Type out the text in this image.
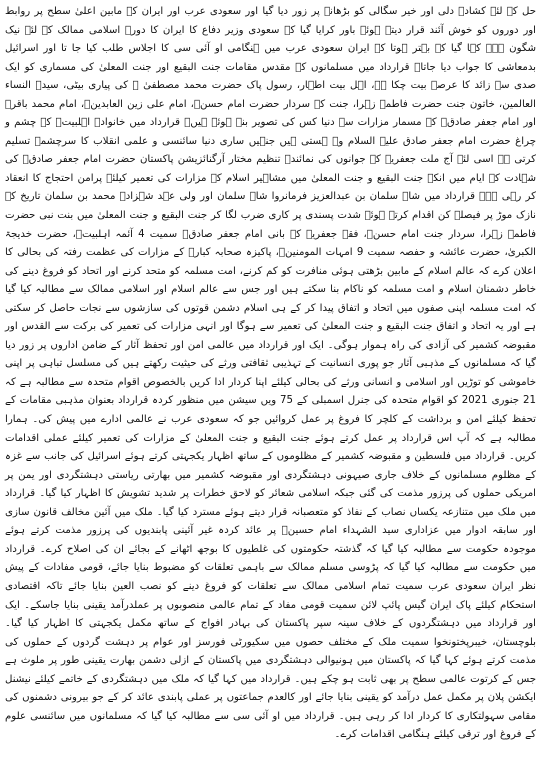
حل کے لئے کشادہ دلی اور خیر سگالی کو بڑھانے پر زور دیا گیا اور سعودی عرب اور ایران کے مابین اعلیٰ سطح پر روابط اور دوروں کو خوش آئند قرار دیتے ہوئے باور کرایا گیا کہ سعودی وزیر دفاع کا ایران کا دورہ اسلامی ممالک کے لئے نیک شگون ہے۔ کہا گیا کہ بہتر ہوتا کہ ایران سعودی عرب میں ہنگامی او آئی سی کا اجلاس طلب کیا جا تا اور اسرائیل بدمعاشی کا جواب دیا جاتا۔ قرارداد میں مسلمانوں کے مقدس مقامات جنت البقیع اور جنت المعلیٰ کی مسماری کو ایک صدی سے زائد کا عرصہ بیت چکا ہے، اہل بیت اطہار، رسول پاک حضرت محمد مصطفیٰ ﷺ کی پیاری بیٹی، سیدۃ النساء العالمین، خاتون جنت حضرت فاطمہ زہرا، جنت کے سردار حضرت امام حسنؑ، امام علی زین العابدینؑ، امام محمد باقرؑ اور امام جعفر صادقؑ کے مسمار مزارات سے دنیا کس کی تصویر بنے ہوئے ہیں۔ قرارداد میں خانوادہ اہلبیتؑ کے چشم و چراغ حضرت امام جعفر صادق علیہ السلام وہ ہستی ہیں جنہیں ساری دنیا سائنسی و علمی انقلاب کا سرچشمہ تسلیم کرتی ہے اسی لئے آج ملت جعفریہ کے جوانوں کی نمائندہ تنظیم مختار آرگنائزیشن پاکستان حضرت امام جعفر صادقؑ کی شہادت کے ایام میں انکے جنت البقیع و جنت المعلیٰ میں مشاہیر اسلام کے مزارات کی تعمیر کیلئے پرامن احتجاج کا انعقاد کر رہی ہے۔ قرارداد میں شاہ سلمان بن عبدالعزیز فرمانروا شاہ سلمان اور ولی عہد شہزادہ محمد بن سلمان تاریخ کے نازک موڑ پر فیصلہ کن اقدام کرتے ہوئے شدت پسندی پر کاری ضرب لگا کر جنت البقیع و جنت المعلیٰ میں بنت نبی حضرت فاطمہ زہرا، سردار جنت امام حسنؑ، فقہ جعفریہ کے بانی امام جعفر صادقؑ سمیت 4 آئمہ اہلبیتؑ، حضرت خدیجۃ الکبریٰ، حضرت عائشہ و حفصہ سمیت 9 امہات المومنینؓ، پاکیزہ صحابہ کبارؓ کے مزارات کی عظمت رفتہ کی بحالی کا اعلان کرے کہ عالم اسلام کے مابین بڑھتی ہوئی منافرت کو کم کرنے، امت مسلمہ کو متحد کرنے اور اتحاد کو فروغ دینے کی خاطر دشمنان اسلام و امت مسلمہ کو ناکام بنا سکتے ہیں اور جس سے عالم اسلام اور اسلامی ممالک سے مطالبہ کیا گیا کہ امت مسلمہ اپنی صفوں میں اتحاد و اتفاق پیدا کر کے ہی اسلام دشمن قوتوں کی سازشوں سے نجات حاصل کر سکتی ہے اور یہ اتحاد و اتفاق جنت البقیع و جنت المعلیٰ کی تعمیر سے ہوگا اور انہی مزارات کی تعمیر کی برکت سے القدس اور مقبوضہ کشمیر کی آزادی کی راہ ہموار ہوگی۔ ایک اور قرارداد میں عالمی امن اور تحفظ آثار کے ضامن اداروں پر زور دیا گیا کہ مسلمانوں کے مذہبی آثار جو پوری انسانیت کے تہذیبی ثقافتی ورثے کی حیثیت رکھتے ہیں کی مسلسل تباہی پر اپنی خاموشی کو توڑیں اور اسلامی و انسانی ورثے کی بحالی کیلئے اپنا کردار ادا کریں بالخصوص اقوام متحدہ سے مطالبہ ہے کہ 21 جنوری 2021 کو اقوام متحدہ کی جنرل اسمبلی کے 75 ویں سیشن میں منظور کردہ قرارداد بعنوان مذہبی مقامات کے تحفظ کیلئے امن و برداشت کے کلچر کا فروغ پر عمل کروائیں جو کہ سعودی عرب نے عالمی ادارے میں پیش کی۔ ہمارا مطالبہ ہے کہ آپ اس قرارداد پر عمل کرتے ہوئے جنت البقیع و جنت المعلیٰ کے مزارات کی تعمیر کیلئے عملی اقدامات کریں۔ قرارداد میں فلسطین و مقبوضہ کشمیر کے مظلوموں کے ساتھ اظہار یکجہتی کرتے ہوئے اسرائیل کی جانب سے غزہ کے مظلوم مسلمانوں کے خلاف جاری صیہونی دہشتگردی اور مقبوضہ کشمیر میں بھارتی ریاستی دہشتگردی اور یمن پر امریکی حملوں کی پرزور مذمت کی گئی جبکہ اسلامی شعائر کو لاحق خطرات پر شدید تشویش کا اظہار کیا گیا۔ قرارداد میں ملک میں متنازعہ یکساں نصاب کے نفاذ کو متعصبانہ قرار دیتے ہوئے مسترد کیا گیا۔ ملک میں آئین مخالف قانون سازی اور سابقہ ادوار میں عزاداری سید الشہداء امام حسینؑ پر عائد کردہ غیر آئینی پابندیوں کی پرزور مذمت کرتے ہوئے موجودہ حکومت سے مطالبہ کیا گیا کہ گذشتہ حکومتوں کی غلطیوں کا بوجھ اٹھانے کے بجائے ان کی اصلاح کرے۔ قرارداد میں حکومت سے مطالبہ کیا گیا کہ پڑوسی مسلم ممالک سے باہمی تعلقات کو مضبوط بنایا جائے، قومی مفادات کے پیش نظر ایران سعودی عرب سمیت تمام اسلامی ممالک سے تعلقات کو فروغ دینے کو نصب العین بنایا جائے تاکہ اقتصادی استحکام کیلئے پاک ایران گیس پائپ لائن سمیت قومی مفاد کے تمام عالمی منصوبوں پر عملدرآمد یقینی بنایا جاسکے۔ ایک اور قرارداد میں دہشتگردوں کے خلاف سینہ سپر پاکستان کی بہادر افواج کے ساتھ مکمل یکجہتی کا اظہار کیا گیا۔ بلوچستان، خیبرپختونخوا سمیت ملک کے مختلف حصوں میں سکیورٹی فورسز اور عوام پر دہشت گردوں کے حملوں کی مذمت کرتے ہوئے کہا گیا کہ پاکستان میں ہونیوالی دہشتگردی میں پاکستان کے ازلی دشمن بھارت یقینی طور پر ملوث ہے جس کے کرتوت عالمی سطح پر بھی ثابت ہو چکے ہیں۔ قرارداد میں کہا گیا کہ ملک میں دہشتگردی کے خاتمے کیلئے نیشنل ایکشن پلان پر مکمل عمل درآمد کو یقینی بنایا جائے اور کالعدم جماعتوں پر عملی پابندی عائد کر کے جو بیرونی دشمنوں کی مقامی سہولتکاری کا کردار ادا کر رہی ہیں۔ قرارداد میں او آئی سی سے مطالبہ کیا گیا کہ مسلمانوں میں سائنسی علوم کے فروغ اور ترقی کیلئے ہنگامی اقدامات کرے۔
